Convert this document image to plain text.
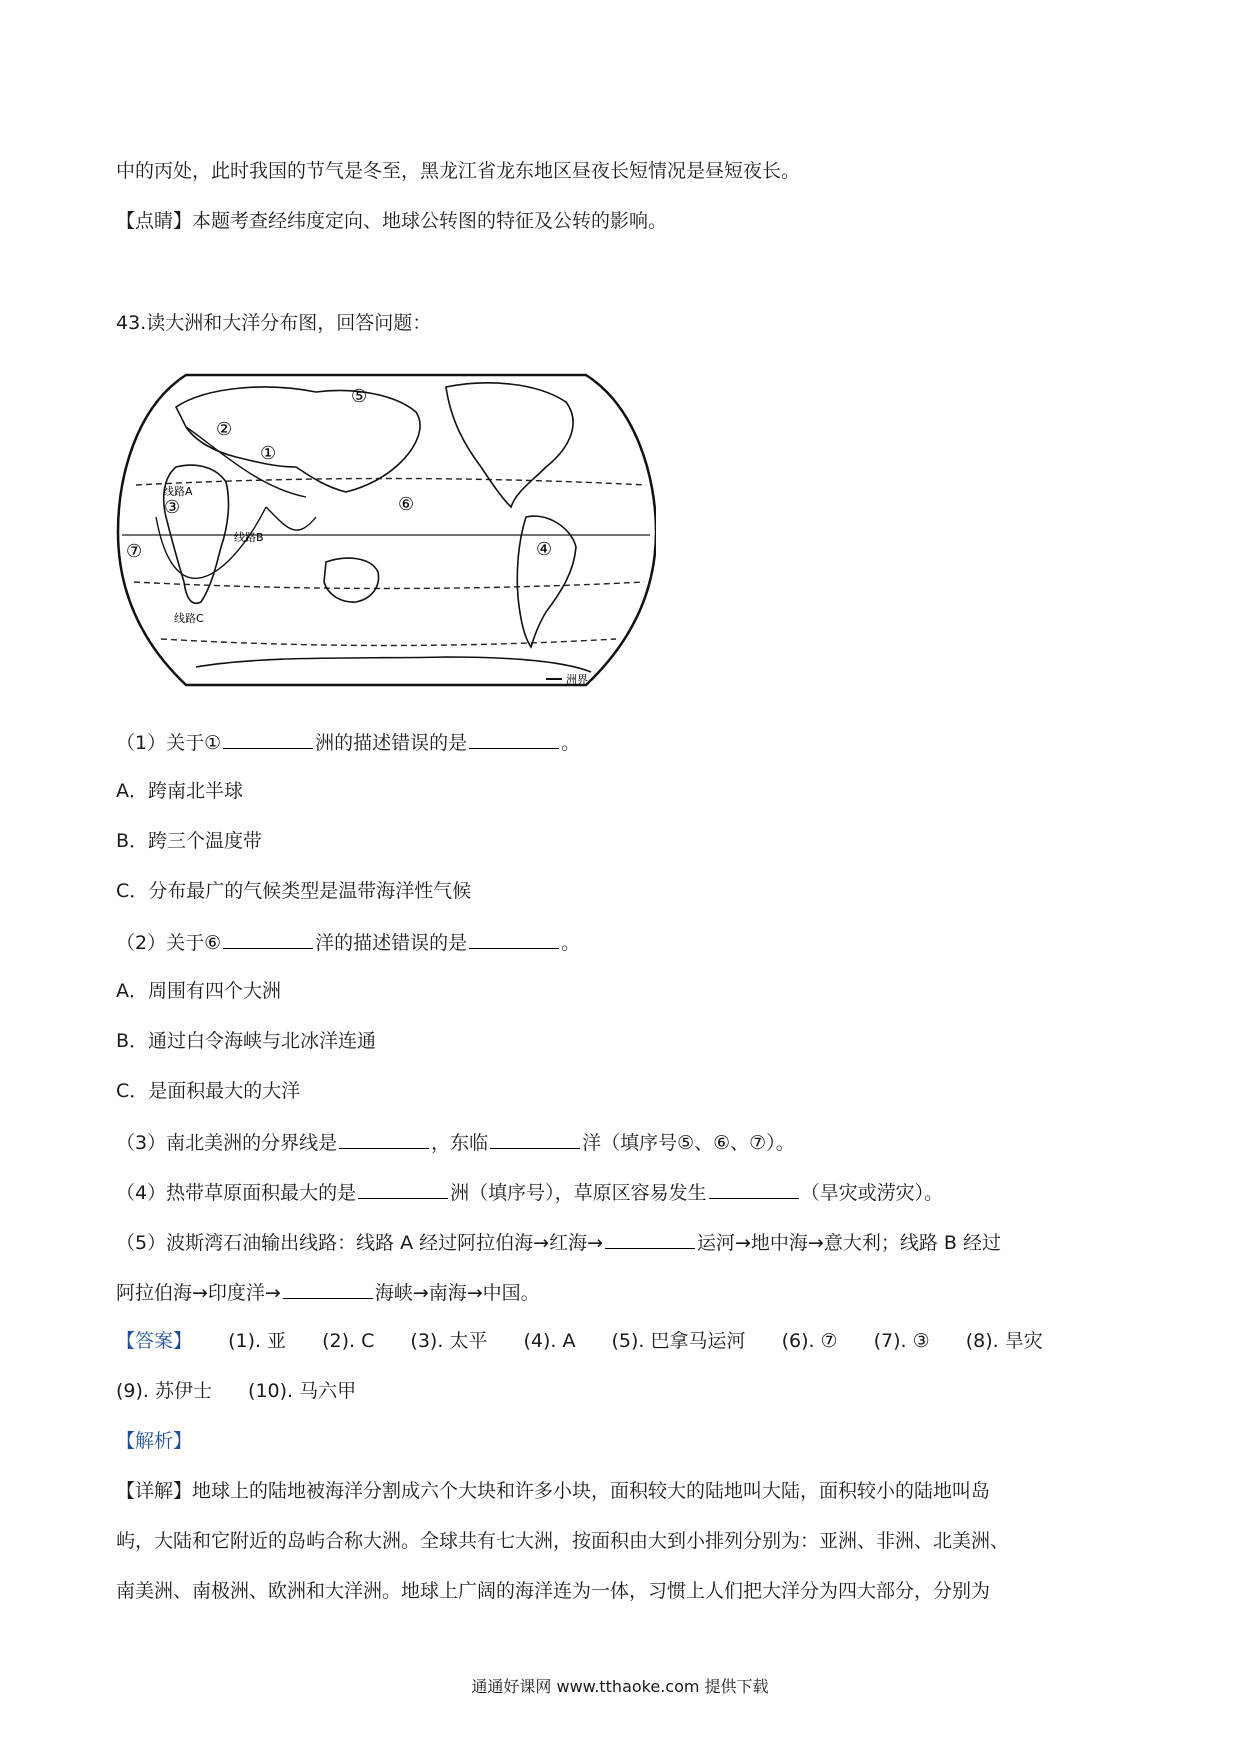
中的丙处，此时我国的节气是冬至，黑龙江省龙东地区昼夜长短情况是昼短夜长。
【点睛】本题考查经纬度定向、地球公转图的特征及公转的影响。
43.读大洲和大洋分布图，回答问题：
⑤
②
①
③	⑥
⑦	④
线路A
线路B
线路C
洲界
（1）关于①	洲的描述错误的是	。
A．跨南北半球
B．跨三个温度带
C．分布最广的气候类型是温带海洋性气候
（2）关于⑥	洋的描述错误的是	。
A．周围有四个大洲
B．通过白令海峡与北冰洋连通
C．是面积最大的大洋
（3）南北美洲的分界线是	，东临	洋（填序号⑤、⑥、⑦）。
（4）热带草原面积最大的是	洲（填序号），草原区容易发生	（旱灾或涝灾）。
（5）波斯湾石油输出线路：线路 A 经过阿拉伯海→红海→	运河→地中海→意大利；线路 B 经过
阿拉伯海→印度洋→	海峡→南海→中国。
【答案】 (1). 亚 (2). C (3). 太平 (4). A (5). 巴拿马运河 (6). ⑦ (7). ③ (8). 旱灾
(9). 苏伊士 (10). 马六甲
【解析】
【详解】地球上的陆地被海洋分割成六个大块和许多小块，面积较大的陆地叫大陆，面积较小的陆地叫岛
屿，大陆和它附近的岛屿合称大洲。全球共有七大洲，按面积由大到小排列分别为：亚洲、非洲、北美洲、
南美洲、南极洲、欧洲和大洋洲。地球上广阔的海洋连为一体，习惯上人们把大洋分为四大部分，分别为
通通好课网 www.tthaoke.com 提供下载
